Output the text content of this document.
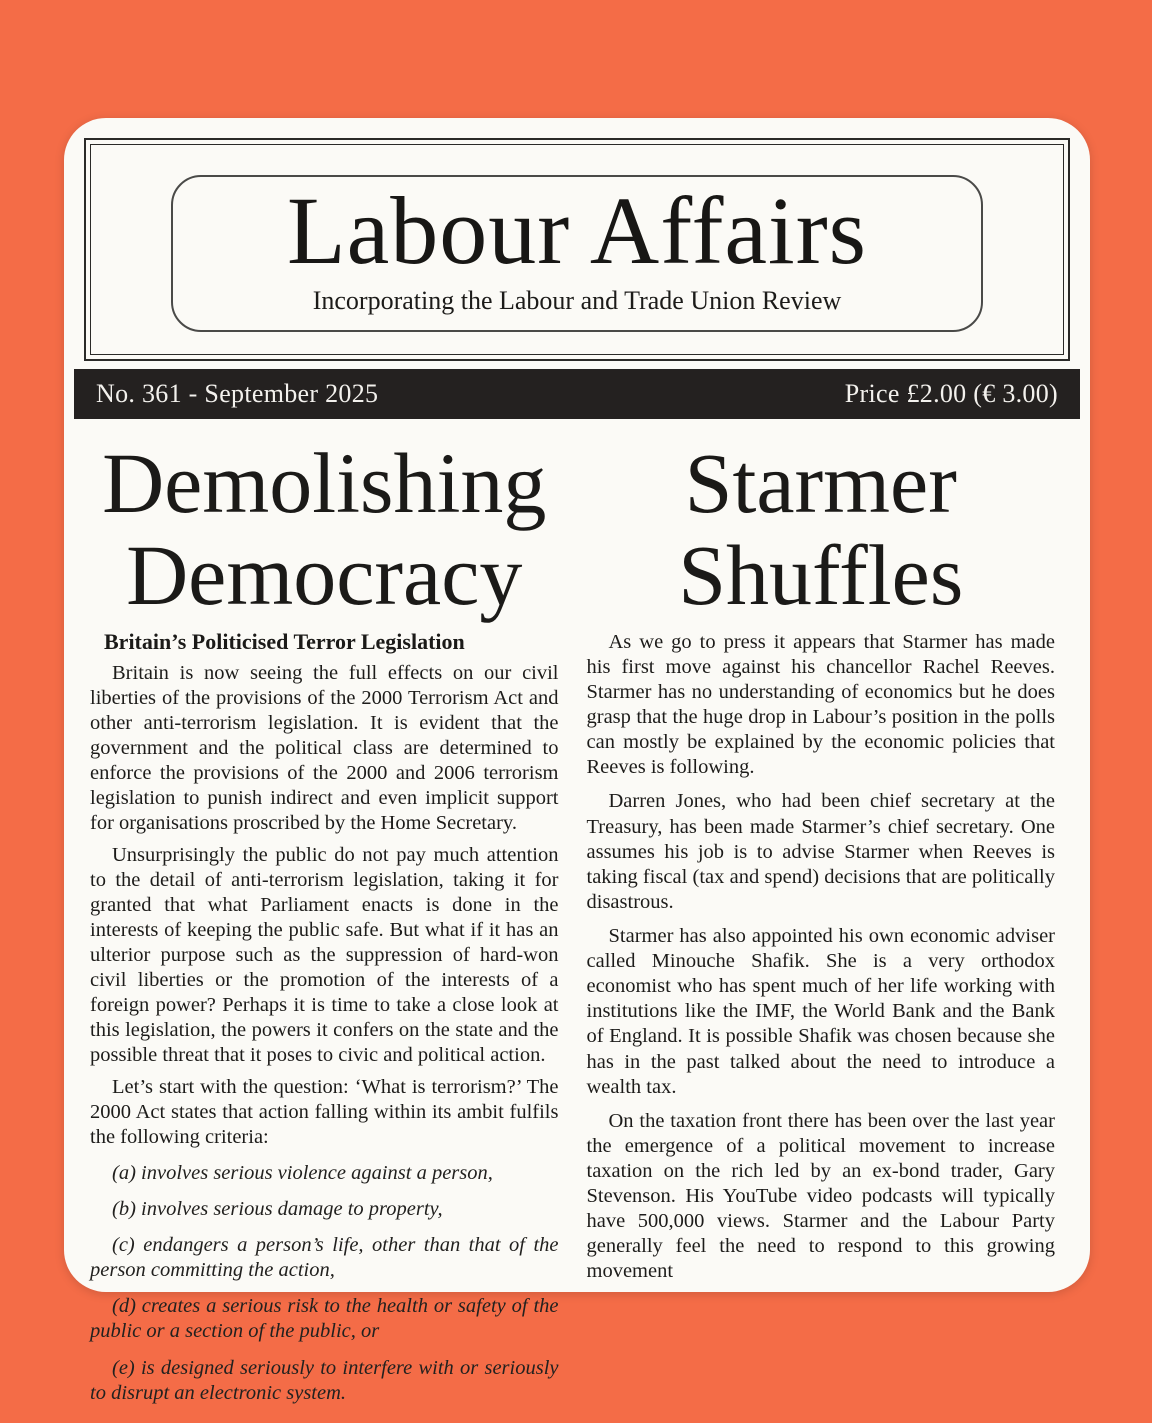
Labour Affairs
Incorporating the Labour and Trade Union Review
No. 361 - September 2025	Price £2.00 (€ 3.00)
Demolishing Democracy
Britain’s Politicised Terror Legislation

Britain is now seeing the full effects on our civil liberties of the provisions of the 2000 Terrorism Act and other anti-terrorism legislation. It is evident that the government and the political class are determined to enforce the provisions of the 2000 and 2006 terrorism legislation to punish indirect and even implicit support for organisations proscribed by the Home Secretary.

Unsurprisingly the public do not pay much attention to the detail of anti-terrorism legislation, taking it for granted that what Parliament enacts is done in the interests of keeping the public safe. But what if it has an ulterior purpose such as the suppression of hard-won civil liberties or the promotion of the interests of a foreign power? Perhaps it is time to take a close look at this legislation, the powers it confers on the state and the possible threat that it poses to civic and political action.

Let’s start with the question: ‘What is terrorism?’ The 2000 Act states that action falling within its ambit fulfils the following criteria:

(a) involves serious violence against a person,

(b) involves serious damage to property,

(c) endangers a person’s life, other than that of the person committing the action,

(d) creates a serious risk to the health or safety of the public or a section of the public, or

(e) is designed seriously to interfere with or seriously to disrupt an electronic system.

Starmer Shuffles

As we go to press it appears that Starmer has made his first move against his chancellor Rachel Reeves. Starmer has no understanding of economics but he does grasp that the huge drop in Labour’s position in the polls can mostly be explained by the economic policies that Reeves is following.

Darren Jones, who had been chief secretary at the Treasury, has been made Starmer’s chief secretary. One assumes his job is to advise Starmer when Reeves is taking fiscal (tax and spend) decisions that are politically disastrous.

Starmer has also appointed his own economic adviser called Minouche Shafik. She is a very orthodox economist who has spent much of her life working with institutions like the IMF, the World Bank and the Bank of England. It is possible Shafik was chosen because she has in the past talked about the need to introduce a wealth tax.

On the taxation front there has been over the last year the emergence of a political movement to increase taxation on the rich led by an ex-bond trader, Gary Stevenson. His YouTube video podcasts will typically have 500,000 views. Starmer and the Labour Party generally feel the need to respond to this growing movement
